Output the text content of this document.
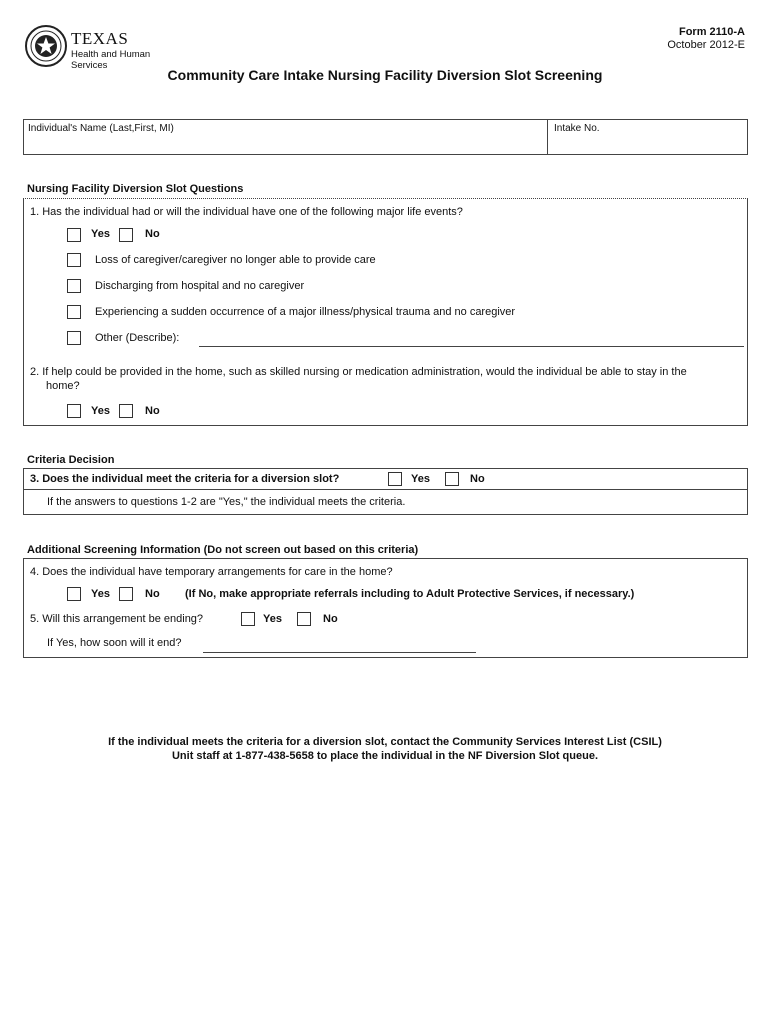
TEXAS
Health and Human
Services
Form 2110-A
October 2012-E
Community Care Intake Nursing Facility Diversion Slot Screening
Individual's Name (Last,First, MI)	Intake No.
Nursing Facility Diversion Slot Questions
1. Has the individual had or will the individual have one of the following major life events?
Yes	No
Loss of caregiver/caregiver no longer able to provide care
Discharging from hospital and no caregiver
Experiencing a sudden occurrence of a major illness/physical trauma and no caregiver
Other (Describe):
2. If help could be provided in the home, such as skilled nursing or medication administration, would the individual be able to stay in the
home?
Yes	No
Criteria Decision
3. Does the individual meet the criteria for a diversion slot?	Yes	No
If the answers to questions 1-2 are "Yes," the individual meets the criteria.
Additional Screening Information (Do not screen out based on this criteria)
4. Does the individual have temporary arrangements for care in the home?
Yes	No (If No, make appropriate referrals including to Adult Protective Services, if necessary.)
5. Will this arrangement be ending?	Yes	No
If Yes, how soon will it end?
If the individual meets the criteria for a diversion slot, contact the Community Services Interest List (CSIL)
Unit staff at 1-877-438-5658 to place the individual in the NF Diversion Slot queue.
